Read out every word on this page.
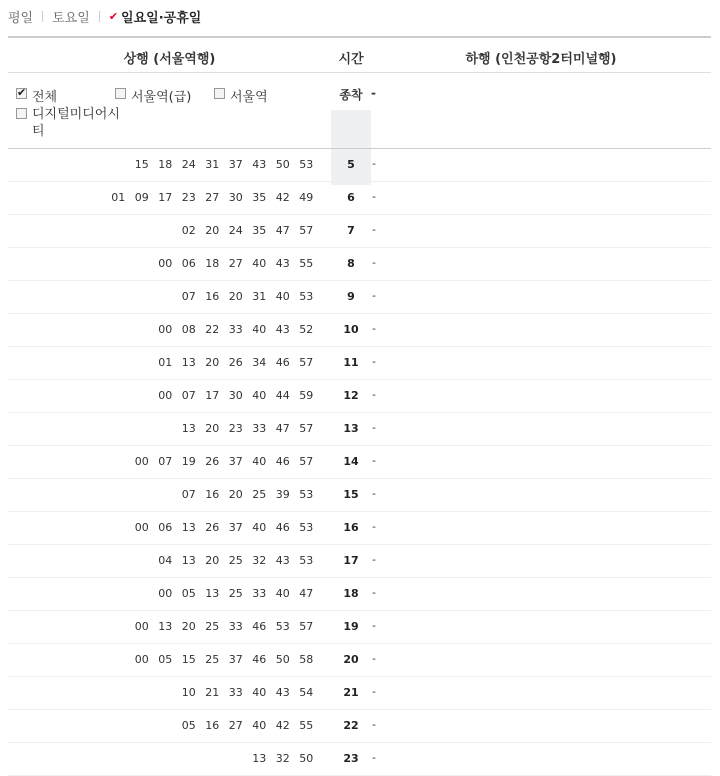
평일 토요일 ✔ 일요일·공휴일
상행 (서울역행)	시간	하행 (인천공항2터미널행)
✔
전체	서울역(급)	서울역
디지털미디어시티
종착 -
15 18 24 31 37 43 50 53	5	-
01 09 17 23 27 30 35 42 49	6	-
02 20 24 35 47 57	7	-
00 06 18 27 40 43 55	8	-
07 16 20 31 40 53	9	-
00 08 22 33 40 43 52	10	-
01 13 20 26 34 46 57	11	-
00 07 17 30 40 44 59	12	-
13 20 23 33 47 57	13	-
00 07 19 26 37 40 46 57	14	-
07 16 20 25 39 53	15	-
00 06 13 26 37 40 46 53	16	-
04 13 20 25 32 43 53	17	-
00 05 13 25 33 40 47	18	-
00 13 20 25 33 46 53 57	19	-
00 05 15 25 37 46 50 58	20	-
10 21 33 40 43 54	21	-
05 16 27 40 42 55	22	-
13 32 50	23	-
